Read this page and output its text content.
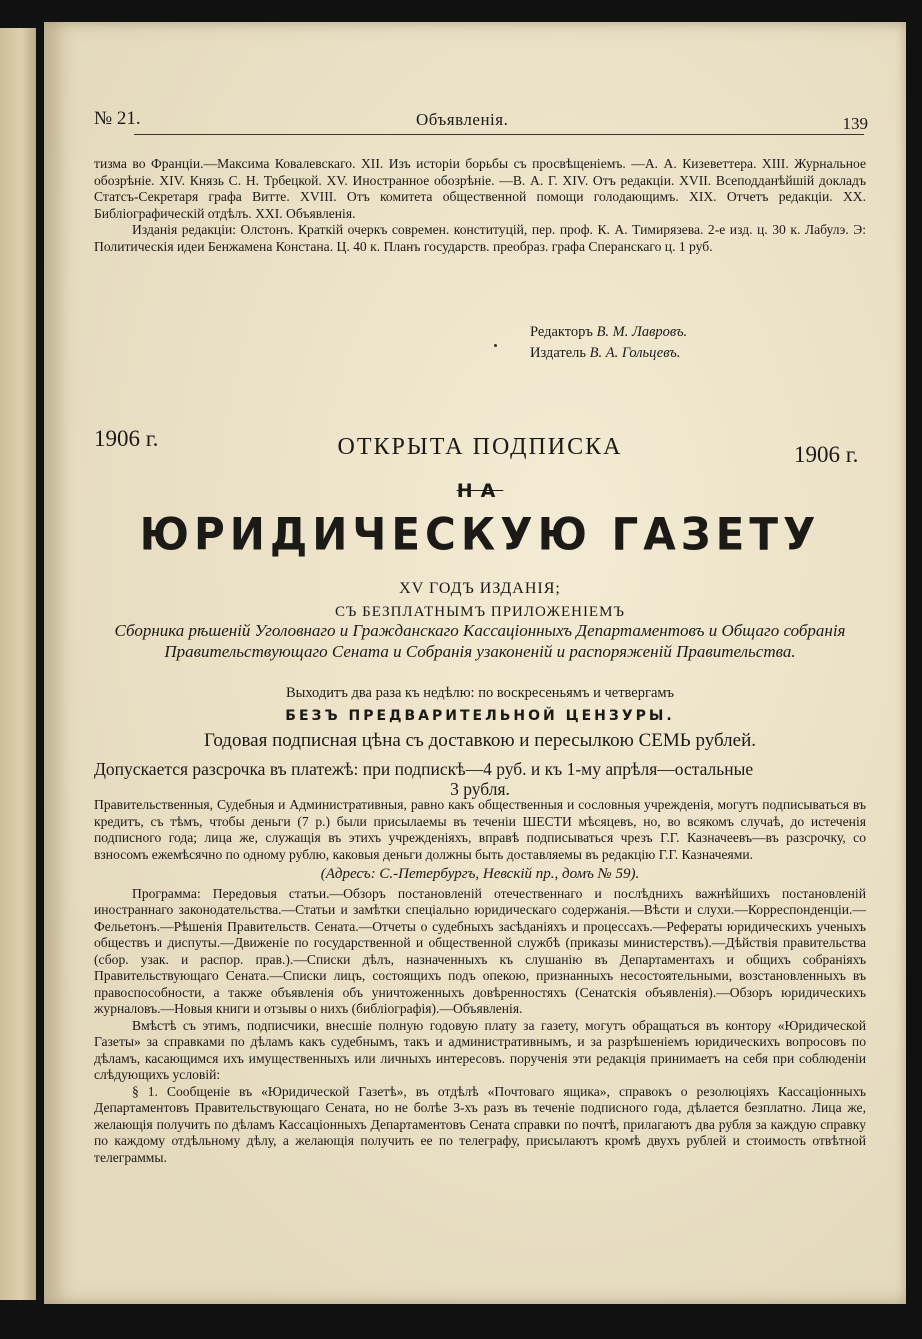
№ 21.	Объявленія.	139

тизма во Франціи.—Максима Ковалевскаго. XII. Изъ исторіи борьбы съ просвѣщеніемъ. —А. А. Кизеветтера. XIII. Журнальное обозрѣніе. XIV. Князь С. Н. Трбецкой. XV. Иностранное обозрѣніе. —В. А. Г. XIV. Отъ редакціи. XVII. Всеподданѣйшій докладъ Статсъ-Секретаря графа Витте. XVIII. Отъ комитета общественной помощи голодающимъ. XIX. Отчетъ редакціи. XX. Библіографическій отдѣлъ. XXI. Объявленія.

Изданія редакціи: Олстонъ. Краткій очеркъ современ. конституцій, пер. проф. К. А. Тимирязева. 2-е изд. ц. 30 к. Лабулэ. Э: Политическія идеи Бенжамена Констана. Ц. 40 к. Планъ государств. преобраз. графа Сперанскаго ц. 1 руб.

Редакторъ В. М. Лавровъ.
Издатель В. А. Гольцевъ.
1906 г.	ОТКРЫТА ПОДПИСКА	1906 г.
НА
ЮРИДИЧЕСКУЮ ГАЗЕТУ
XV ГОДЪ ИЗДАНІЯ;
СЪ БЕЗПЛАТНЫМЪ ПРИЛОЖЕНІЕМЪ
Сборника рѣшеній Уголовнаго и Гражданскаго Кассаціонныхъ Департаментовъ и Общаго собранія Правительствующаго Сената и Собранія узаконеній и распоряженій Правительства.
Выходитъ два раза къ недѣлю: по воскресеньямъ и четвергамъ
БЕЗЪ ПРЕДВАРИТЕЛЬНОЙ ЦЕНЗУРЫ.
Годовая подписная цѣна съ доставкою и пересылкою СЕМЬ рублей.
Допускается разсрочка въ платежѣ: при подпискѣ—4 руб. и къ 1-му апрѣля—остальные
3 рубля.

Правительственныя, Судебныя и Административныя, равно какъ общественныя и сословныя учрежденія, могутъ подписываться въ кредитъ, съ тѣмъ, чтобы деньги (7 р.) были присылаемы въ теченіи ШЕСТИ мѣсяцевъ, но, во всякомъ случаѣ, до истеченія подписного года; лица же, служащія въ этихъ учрежденіяхъ, вправѣ подписываться чрезъ Г.Г. Казначеевъ—въ разсрочку, со взносомъ ежемѣсячно по одному рублю, каковыя деньги должны быть доставляемы въ редакцію Г.Г. Казначеями.

(Адресъ: С.-Петербургъ, Невскій пр., домъ № 59).

Программа: Передовыя статьи.—Обзоръ постановленій отечественнаго и послѣднихъ важнѣйшихъ постановленій иностраннаго законодательства.—Статьи и замѣтки спеціально юридическаго содержанія.—Вѣсти и слухи.—Корреспонденціи.—Фельетонъ.—Рѣшенія Правительств. Сената.—Отчеты о судебныхъ засѣданіяхъ и процессахъ.—Рефераты юридическихъ ученыхъ обществъ и диспуты.—Движеніе по государственной и общественной службѣ (приказы министерствъ).—Дѣйствія правительства (сбор. узак. и распор. прав.).—Списки дѣлъ, назначенныхъ къ слушанію въ Департаментахъ и общихъ собраніяхъ Правительствующаго Сената.—Списки лицъ, состоящихъ подъ опекою, признанныхъ несостоятельными, возстановленныхъ въ правоспособности, а также объявленія объ уничтоженныхъ довѣренностяхъ (Сенатскія объявленія).—Обзоръ юридическихъ журналовъ.—Новыя книги и отзывы о нихъ (библіографія).—Объявленія.

Вмѣстѣ съ этимъ, подписчики, внесшіе полную годовую плату за газету, могутъ обращаться въ контору «Юридической Газеты» за справками по дѣламъ какъ судебнымъ, такъ и административнымъ, и за разрѣшеніемъ юридическихъ вопросовъ по дѣламъ, касающимся ихъ имущественныхъ или личныхъ интересовъ. порученія эти редакція принимаетъ на себя при соблюденіи слѣдующихъ условій:

§ 1. Сообщеніе въ «Юридической Газетѣ», въ отдѣлѣ «Почтоваго ящика», справокъ о резолюціяхъ Кассаціонныхъ Департаментовъ Правительствующаго Сената, но не болѣе 3-хъ разъ въ теченіе подписного года, дѣлается безплатно. Лица же, желающія получить по дѣламъ Кассаціонныхъ Департаментовъ Сената справки по почтѣ, прилагаютъ два рубля за каждую справку по каждому отдѣльному дѣлу, а желающія получить ее по телеграфу, присылаютъ кромѣ двухъ рублей и стоимость отвѣтной телеграммы.
